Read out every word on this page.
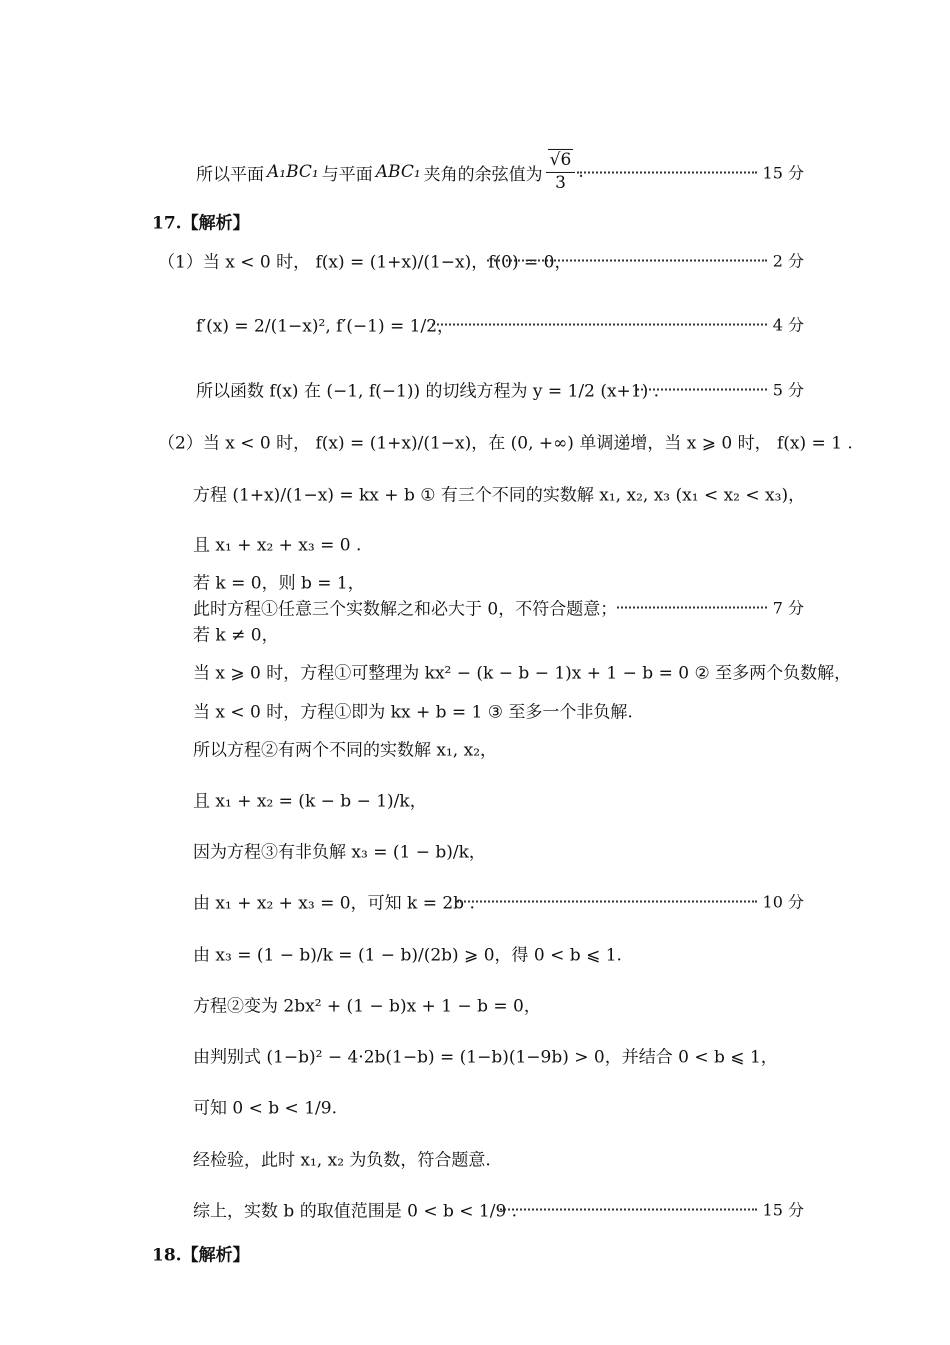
所以平面 A₁BC₁ 与平面 ABC₁ 夹角的余弦值为 $\frac{√6}{3}$ .	15 分
17.【解析】
（1） 当 x < 0 时， f(x) = (1+x)/(1−x)，f(0) = 0，	2 分
f′(x) = 2/(1−x)², f′(−1) = 1/2，	4 分
所以函数 f(x) 在 (−1, f(−1)) 的切线方程为 y = 1/2 (x+1) .	5 分
（2） 当 x < 0 时， f(x) = (1+x)/(1−x)，在 (0, +∞) 单调递增，当 x ⩾ 0 时， f(x) = 1 .
方程 (1+x)/(1−x) = kx + b ① 有三个不同的实数解 x₁, x₂, x₃ (x₁ < x₂ < x₃)，
且 x₁ + x₂ + x₃ = 0 .
若 k = 0，则 b = 1，
此时方程①任意三个实数解之和必大于 0，不符合题意；	7 分
若 k ≠ 0，
当 x ⩾ 0 时，方程①可整理为 kx² − (k − b − 1)x + 1 − b = 0 ② 至多两个负数解，
当 x < 0 时，方程①即为 kx + b = 1 ③ 至多一个非负解.
所以方程②有两个不同的实数解 x₁, x₂，
且 x₁ + x₂ = (k − b − 1)/k，
因为方程③有非负解 x₃ = (1 − b)/k，
由 x₁ + x₂ + x₃ = 0，可知 k = 2b .	10 分
由 x₃ = (1 − b)/k = (1 − b)/(2b) ⩾ 0，得 0 < b ⩽ 1.
方程②变为 2bx² + (1 − b)x + 1 − b = 0，
由判别式 (1−b)² − 4·2b(1−b) = (1−b)(1−9b) > 0，并结合 0 < b ⩽ 1，
可知 0 < b < 1/9.
经检验，此时 x₁, x₂ 为负数，符合题意.
综上，实数 b 的取值范围是 0 < b < 1/9 .	15 分
18.【解析】
